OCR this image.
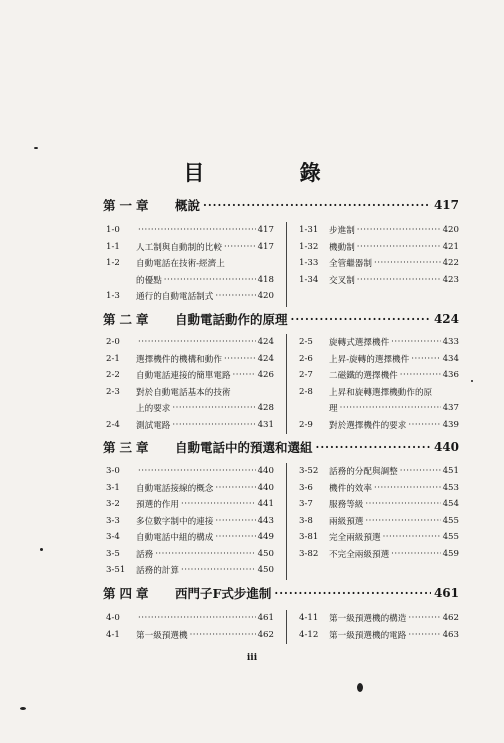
目 錄
第一章	概說 ·····	417
1-0 ·····	417
1-1	人工制與自動制的比較 ·····	417
1-2	自動電話在技術-經濟上
的優點 ·····	418
1-3	通行的自動電話制式 ·····	420
1-31	步進制 ·····	420
1-32	機動制 ·····	421
1-33	全管繼器制 ·····	422
1-34	交叉制 ·····	423
第二章	自動電話動作的原理 ·····	424
2-0 ·····	424
2-1	選擇機件的機構和動作 ·····	424
2-2	自動電話連接的簡單電路 ·····	426
2-3	對於自動電話基本的技術
上的要求 ·····	428
2-4	測試電路 ·····	431
2-5	旋轉式選擇機件 ·····	433
2-6	上昇-旋轉的選擇機件 ·····	434
2-7	二磁鐵的選擇機件 ·····	436
2-8	上昇和旋轉選擇機動作的原
理 ·····	437
2-9	對於選擇機件的要求 ·····	439
第三章	自動電話中的預選和選組 ·····	440
3-0 ·····	440
3-1	自動電話接線的概念 ·····	440
3-2	預選的作用 ·····	441
3-3	多位數字制中的連接 ·····	443
3-4	自動電話中組的構成 ·····	449
3-5	話務 ·····	450
3-51	話務的計算 ·····	450
3-52	話務的分配與調整 ·····	451
3-6	機件的效率 ·····	453
3-7	服務等級 ·····	454
3-8	兩級預選 ·····	455
3-81	完全兩級預選 ·····	455
3-82	不完全兩級預選 ·····	459
第四章	西門子F式步進制 ·····	461
4-0 ·····	461
4-1	第一級預選機 ·····	462
4-11	第一級預選機的構造 ·····	462
4-12	第一級預選機的電路 ·····	463
iii
